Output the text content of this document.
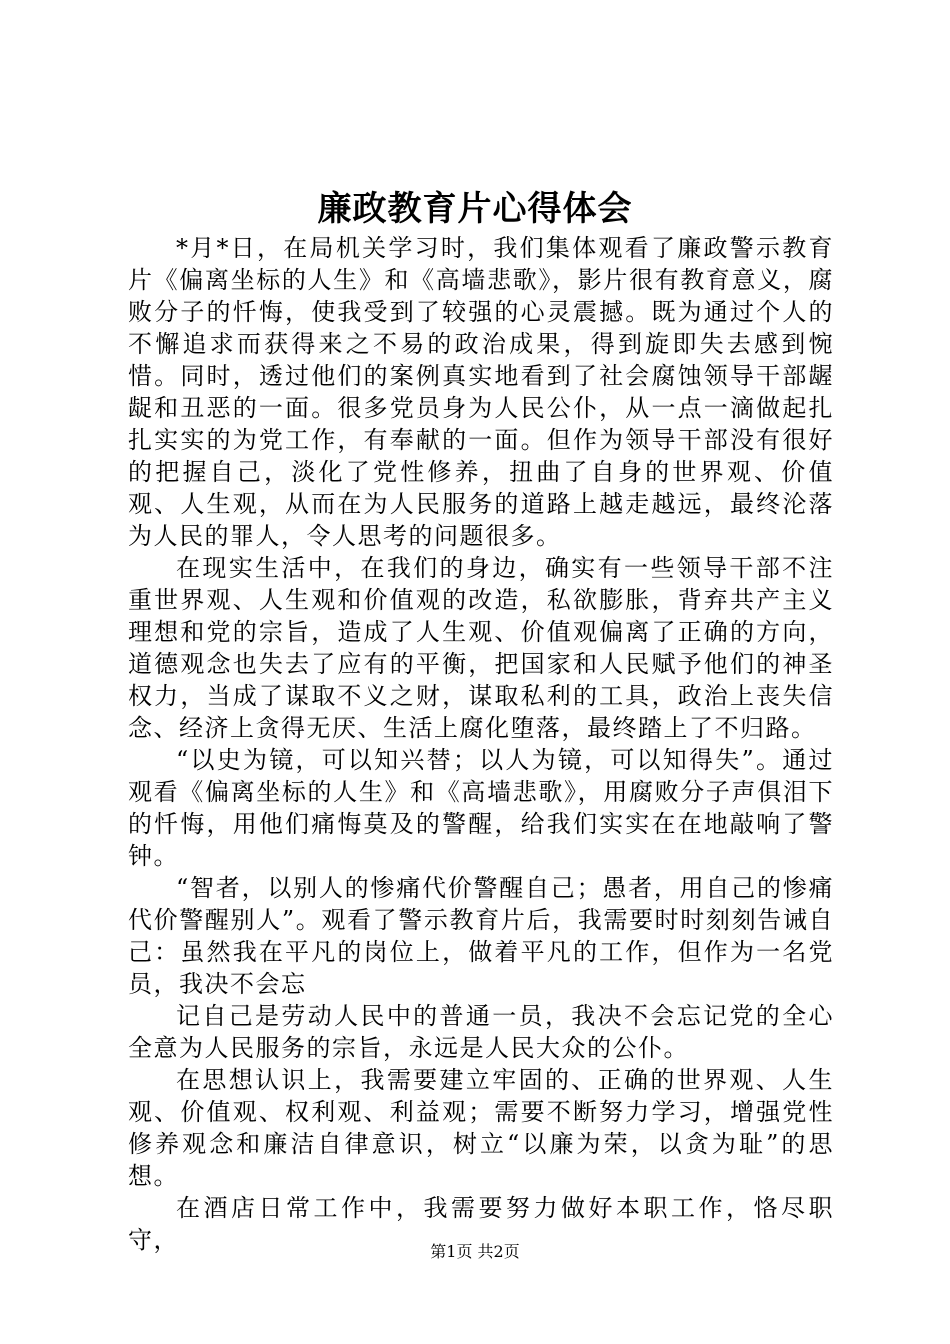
廉政教育片心得体会

*月*日，在局机关学习时，我们集体观看了廉政警示教育片《偏离坐标的人生》和《高墙悲歌》，影片很有教育意义，腐败分子的忏悔，使我受到了较强的心灵震撼。既为通过个人的不懈追求而获得来之不易的政治成果，得到旋即失去感到惋惜。同时，透过他们的案例真实地看到了社会腐蚀领导干部龌龊和丑恶的一面。很多党员身为人民公仆，从一点一滴做起扎扎实实的为党工作，有奉献的一面。但作为领导干部没有很好的把握自己，淡化了党性修养，扭曲了自身的世界观、价值观、人生观，从而在为人民服务的道路上越走越远，最终沦落为人民的罪人，令人思考的问题很多。

在现实生活中，在我们的身边，确实有一些领导干部不注重世界观、人生观和价值观的改造，私欲膨胀，背弃共产主义理想和党的宗旨，造成了人生观、价值观偏离了正确的方向，道德观念也失去了应有的平衡，把国家和人民赋予他们的神圣权力，当成了谋取不义之财，谋取私利的工具，政治上丧失信念、经济上贪得无厌、生活上腐化堕落，最终踏上了不归路。

“以史为镜，可以知兴替；以人为镜，可以知得失”。通过观看《偏离坐标的人生》和《高墙悲歌》，用腐败分子声俱泪下的忏悔，用他们痛悔莫及的警醒，给我们实实在在地敲响了警钟。

“智者，以别人的惨痛代价警醒自己；愚者，用自己的惨痛代价警醒别人”。观看了警示教育片后，我需要时时刻刻告诫自己：虽然我在平凡的岗位上，做着平凡的工作，但作为一名党员，我决不会忘

记自己是劳动人民中的普通一员，我决不会忘记党的全心全意为人民服务的宗旨，永远是人民大众的公仆。

在思想认识上，我需要建立牢固的、正确的世界观、人生观、价值观、权利观、利益观；需要不断努力学习，增强党性修养观念和廉洁自律意识，树立“以廉为荣，以贪为耻”的思想。

在酒店日常工作中，我需要努力做好本职工作，恪尽职守，	第1页 共2页
